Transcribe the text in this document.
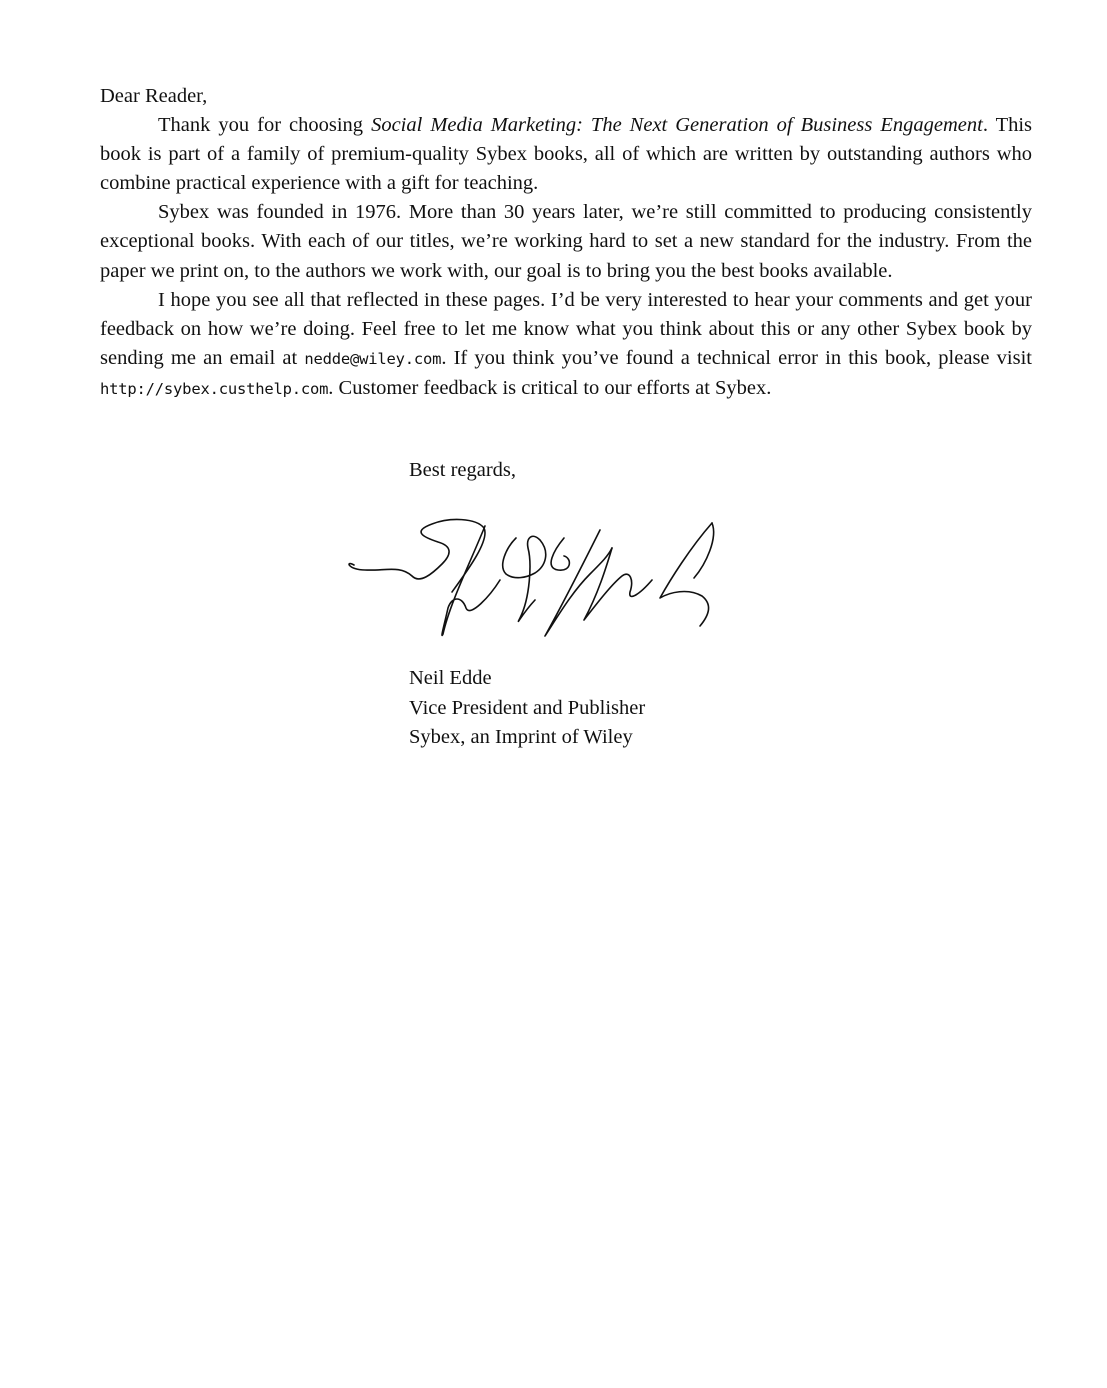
Dear Reader,

Thank you for choosing Social Media Marketing: The Next Generation of Business Engagement. This book is part of a family of premium-quality Sybex books, all of which are written by outstanding authors who combine practical experience with a gift for teaching.

Sybex was founded in 1976. More than 30 years later, we’re still committed to producing consistently exceptional books. With each of our titles, we’re working hard to set a new standard for the industry. From the paper we print on, to the authors we work with, our goal is to bring you the best books available.

I hope you see all that reflected in these pages. I’d be very interested to hear your comments and get your feedback on how we’re doing. Feel free to let me know what you think about this or any other Sybex book by sending me an email at nedde@wiley.com. If you think you’ve found a technical error in this book, please visit http://sybex.custhelp.com. Customer feedback is critical to our efforts at Sybex.

Best regards,

Neil Edde
Vice President and Publisher
Sybex, an Imprint of Wiley
